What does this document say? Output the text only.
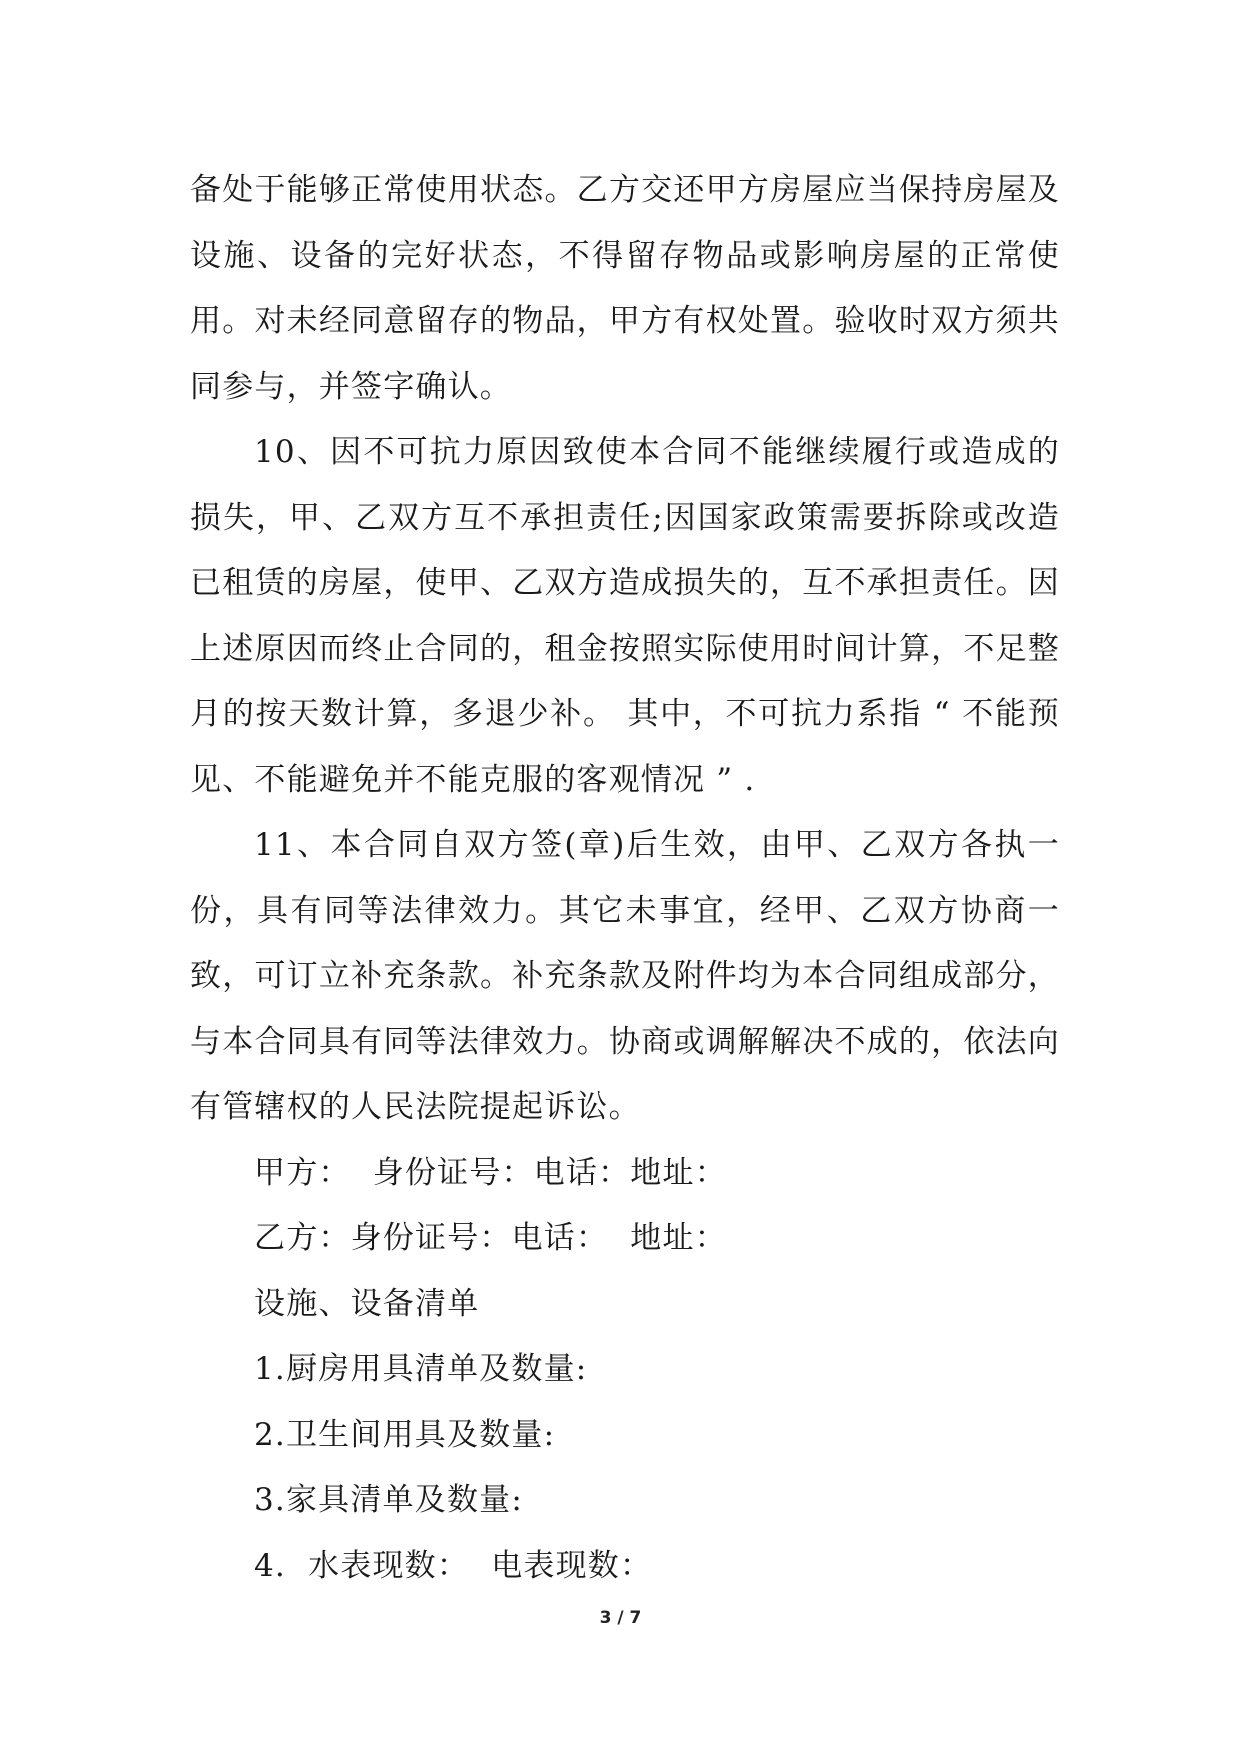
备处于能够正常使用状态。乙方交还甲方房屋应当保持房屋及设施、设备的完好状态，不得留存物品或影响房屋的正常使用。对未经同意留存的物品，甲方有权处置。验收时双方须共同参与，并签字确认。

10、因不可抗力原因致使本合同不能继续履行或造成的损失，甲、乙双方互不承担责任;因国家政策需要拆除或改造已租赁的房屋，使甲、乙双方造成损失的，互不承担责任。因上述原因而终止合同的，租金按照实际使用时间计算，不足整月的按天数计算，多退少补。 其中，不可抗力系指 “ 不能预见、不能避免并不能克服的客观情况 ” .

11、本合同自双方签(章)后生效，由甲、乙双方各执一份，具有同等法律效力。其它未事宜，经甲、乙双方协商一致，可订立补充条款。补充条款及附件均为本合同组成部分，与本合同具有同等法律效力。协商或调解解决不成的，依法向有管辖权的人民法院提起诉讼。

甲方：  身份证号：电话：地址：

乙方：身份证号：电话：  地址：

设施、设备清单

1.厨房用具清单及数量:

2.卫生间用具及数量:

3.家具清单及数量:

4.  水表现数：  电表现数：

3 / 7
